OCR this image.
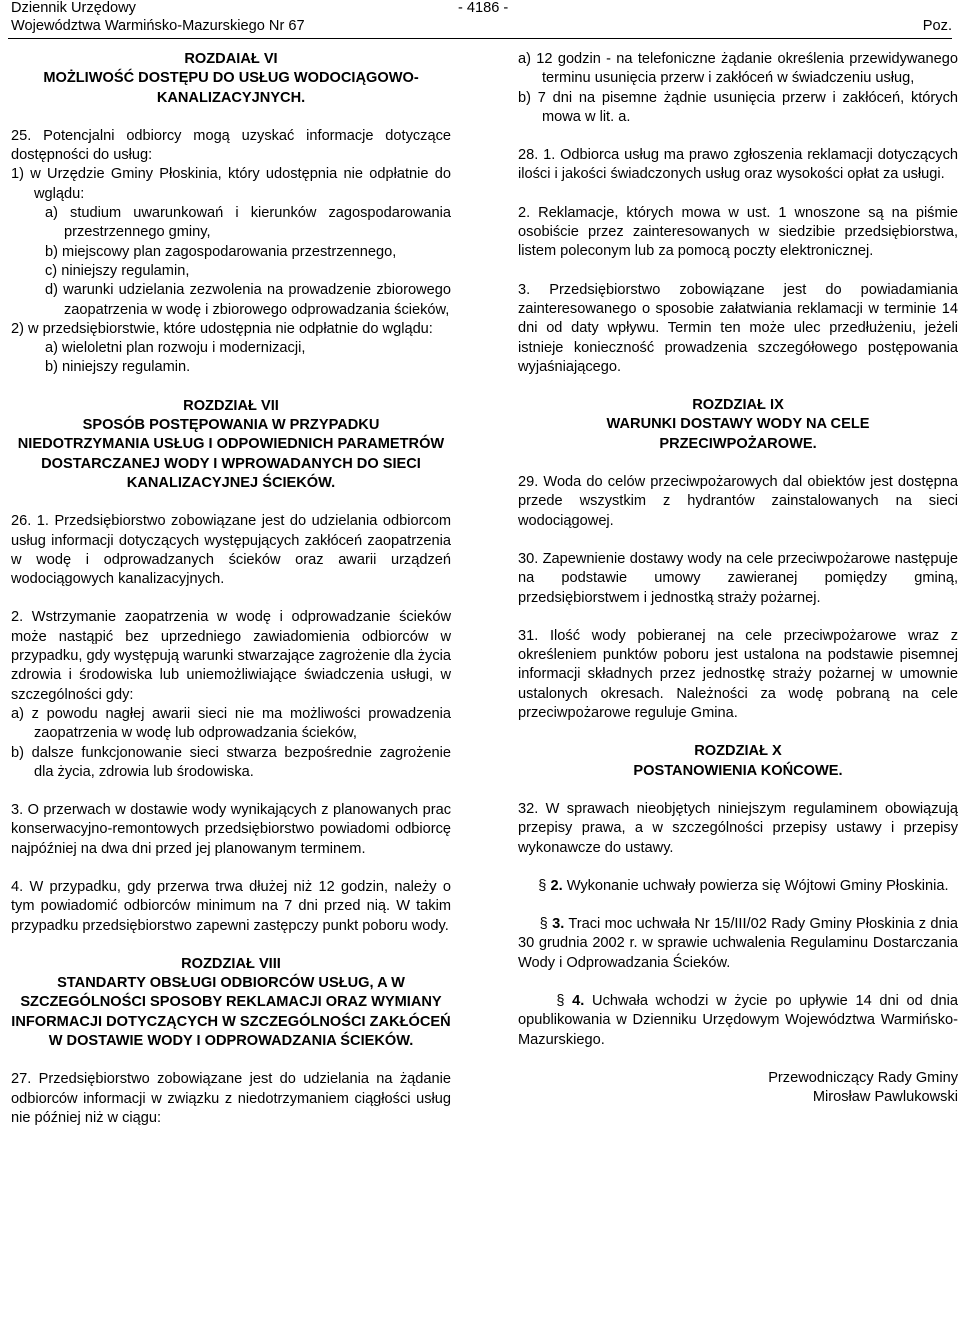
Dziennik Urzędowy
Województwa Warmińsko-Mazurskiego Nr 67
- 4186 -
Poz.

ROZDAIAŁ VI

MOŻLIWOŚĆ DOSTĘPU DO USŁUG WODOCIĄGOWO-

KANALIZACYJNYCH.

25. Potencjalni odbiorcy mogą uzyskać informacje dotyczące dostępności do usług:

1) w Urzędzie Gminy Płoskinia, który udostępnia nie odpłatnie do wglądu:

a) studium uwarunkowań i kierunków zagospodarowania przestrzennego gminy,

b) miejscowy plan zagospodarowania przestrzennego,

c) niniejszy regulamin,

d) warunki udzielania zezwolenia na prowadzenie zbiorowego zaopatrzenia w wodę i zbiorowego odprowadzania ścieków,

2) w przedsiębiorstwie, które udostępnia nie odpłatnie do wglądu:

a) wieloletni plan rozwoju i modernizacji,

b) niniejszy regulamin.

ROZDZIAŁ VII

SPOSÓB POSTĘPOWANIA W PRZYPADKU NIEDOTRZYMANIA USŁUG I ODPOWIEDNICH PARAMETRÓW DOSTARCZANEJ WODY I WPROWADANYCH DO SIECI KANALIZACYJNEJ ŚCIEKÓW.

26. 1. Przedsiębiorstwo zobowiązane jest do udzielania odbiorcom usług informacji dotyczących występujących zakłóceń zaopatrzenia w wodę i odprowadzanych ścieków oraz awarii urządzeń wodociągowych kanalizacyjnych.

2. Wstrzymanie zaopatrzenia w wodę i odprowadzanie ścieków może nastąpić bez uprzedniego zawiadomienia odbiorców w przypadku, gdy występują warunki stwarzające zagrożenie dla życia zdrowia i środowiska lub uniemożliwiające świadczenia usługi, w szczególności gdy:

a) z powodu nagłej awarii sieci nie ma możliwości prowadzenia zaopatrzenia w wodę lub odprowadzania ścieków,

b) dalsze funkcjonowanie sieci stwarza bezpośrednie zagrożenie dla życia, zdrowia lub środowiska.

3. O przerwach w dostawie wody wynikających z planowanych prac konserwacyjno-remontowych przedsiębiorstwo powiadomi odbiorcę najpóźniej na dwa dni przed jej planowanym terminem.

4. W przypadku, gdy przerwa trwa dłużej niż 12 godzin, należy o tym powiadomić odbiorców minimum na 7 dni przed nią. W takim przypadku przedsiębiorstwo zapewni zastępczy punkt poboru wody.

ROZDZIAŁ VIII

STANDARTY OBSŁUGI ODBIORCÓW USŁUG, A W SZCZEGÓLNOŚCI SPOSOBY REKLAMACJI ORAZ WYMIANY INFORMACJI DOTYCZĄCYCH W SZCZEGÓLNOŚCI ZAKŁÓCEŃ W DOSTAWIE WODY I ODPROWADZANIA ŚCIEKÓW.

27. Przedsiębiorstwo zobowiązane jest do udzielania na żądanie odbiorców informacji w związku z niedotrzymaniem ciągłości usług nie później niż w ciągu:

a) 12 godzin - na telefoniczne żądanie określenia przewidywanego terminu usunięcia przerw i zakłóceń w świadczeniu usług,

b) 7 dni na pisemne żądnie usunięcia przerw i zakłóceń, których mowa w lit. a.

28. 1. Odbiorca usług ma prawo zgłoszenia reklamacji dotyczących ilości i jakości świadczonych usług oraz wysokości opłat za usługi.

2. Reklamacje, których mowa w ust. 1 wnoszone są na piśmie osobiście przez zainteresowanych w siedzibie przedsiębiorstwa, listem poleconym lub za pomocą poczty elektronicznej.

3. Przedsiębiorstwo zobowiązane jest do powiadamiania zainteresowanego o sposobie załatwiania reklamacji w terminie 14 dni od daty wpływu. Termin ten może ulec przedłużeniu, jeżeli istnieje konieczność prowadzenia szczegółowego postępowania wyjaśniającego.

ROZDZIAŁ IX

WARUNKI DOSTAWY WODY NA CELE PRZECIWPOŻAROWE.

29. Woda do celów przeciwpożarowych dal obiektów jest dostępna przede wszystkim z hydrantów zainstalowanych na sieci wodociągowej.

30. Zapewnienie dostawy wody na cele przeciwpożarowe następuje na podstawie umowy zawieranej pomiędzy gminą, przedsiębiorstwem i jednostką straży pożarnej.

31. Ilość wody pobieranej na cele przeciwpożarowe wraz z określeniem punktów poboru jest ustalona na podstawie pisemnej informacji składnych przez jednostkę straży pożarnej w umownie ustalonych okresach. Należności za wodę pobraną na cele przeciwpożarowe reguluje Gmina.

ROZDZIAŁ X

POSTANOWIENIA KOŃCOWE.

32. W sprawach nieobjętych niniejszym regulaminem obowiązują przepisy prawa, a w szczególności przepisy ustawy i przepisy wykonawcze do ustawy.

§ 2. Wykonanie uchwały powierza się Wójtowi Gminy Płoskinia.

§ 3. Traci moc uchwała Nr 15/III/02 Rady Gminy Płoskinia z dnia 30 grudnia 2002 r. w sprawie uchwalenia Regulaminu Dostarczania Wody i Odprowadzania Ścieków.

§ 4. Uchwała wchodzi w życie po upływie 14 dni od dnia opublikowania w Dzienniku Urzędowym Województwa Warmińsko-Mazurskiego.

Przewodniczący Rady Gminy

Mirosław Pawlukowski
